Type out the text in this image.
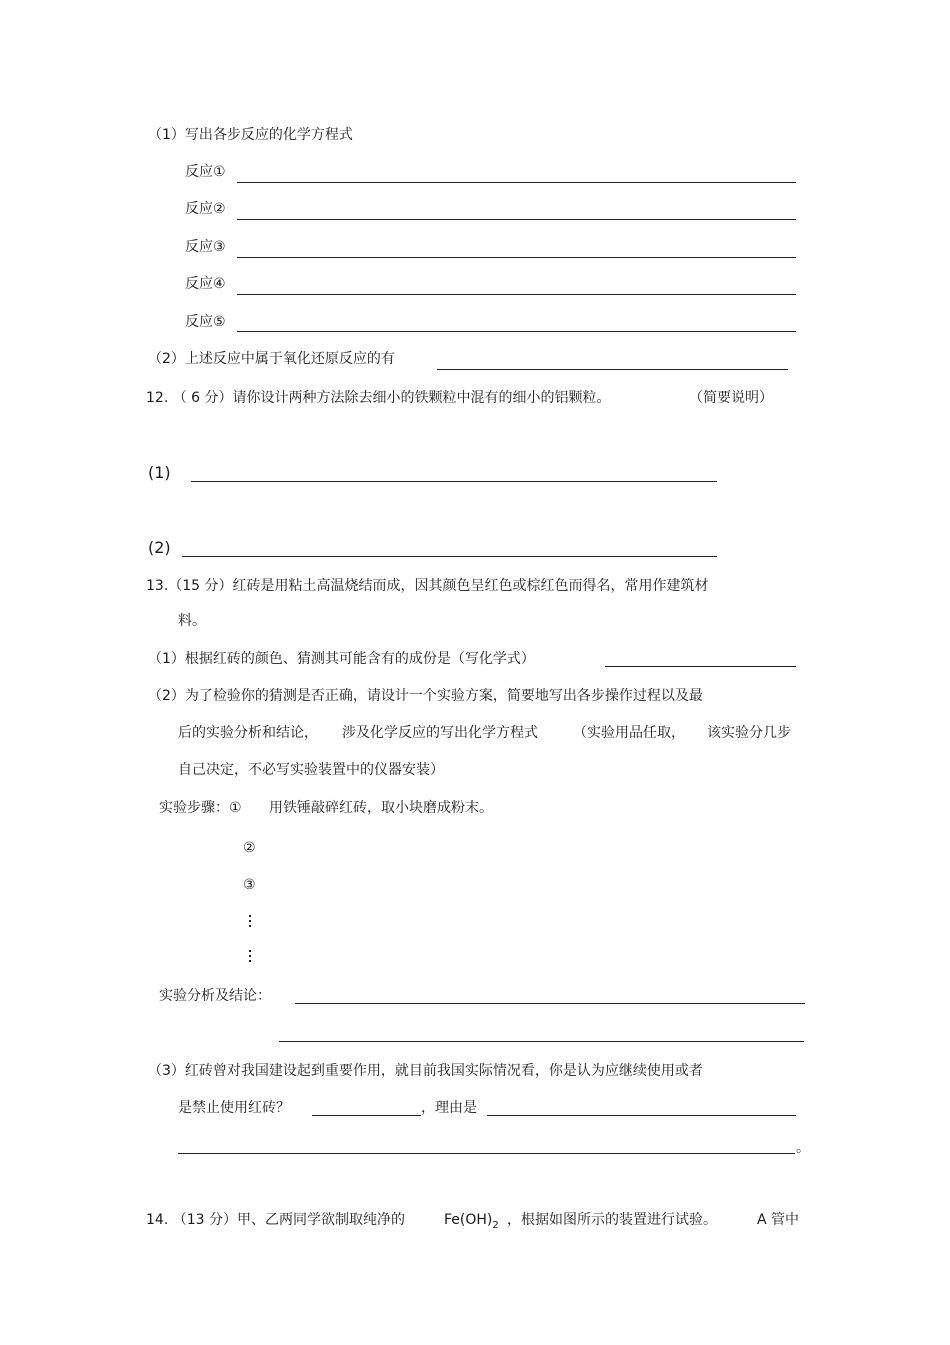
（1）写出各步反应的化学方程式
反应①
反应②
反应③
反应④
反应⑤
（2）上述反应中属于氧化还原反应的有
12. （ 6 分）请你设计两种方法除去细小的铁颗粒中混有的细小的铝颗粒。	（简要说明）
(1)
(2)
13.（15 分）红砖是用粘土高温烧结而成，因其颜色呈红色或棕红色而得名，常用作建筑材
料。
（1）根据红砖的颜色、猜测其可能含有的成份是（写化学式）
（2）为了检验你的猜测是否正确，请设计一个实验方案，简要地写出各步操作过程以及最
后的实验分析和结论， 涉及化学反应的写出化学方程式	（实验用品任取， 该实验分几步
自己决定，不必写实验装置中的仪器安装）
实验步骤：① 用铁锤敲碎红砖，取小块磨成粉末。
②
③
实验分析及结论：
（3）红砖曾对我国建设起到重要作用，就目前我国实际情况看，你是认为应继续使用或者
是禁止使用红砖？	，理由是
。
14. （13 分）甲、乙两同学欲制取纯净的	$Fe(OH)_2$ ，根据如图所示的装置进行试验。	A 管中
